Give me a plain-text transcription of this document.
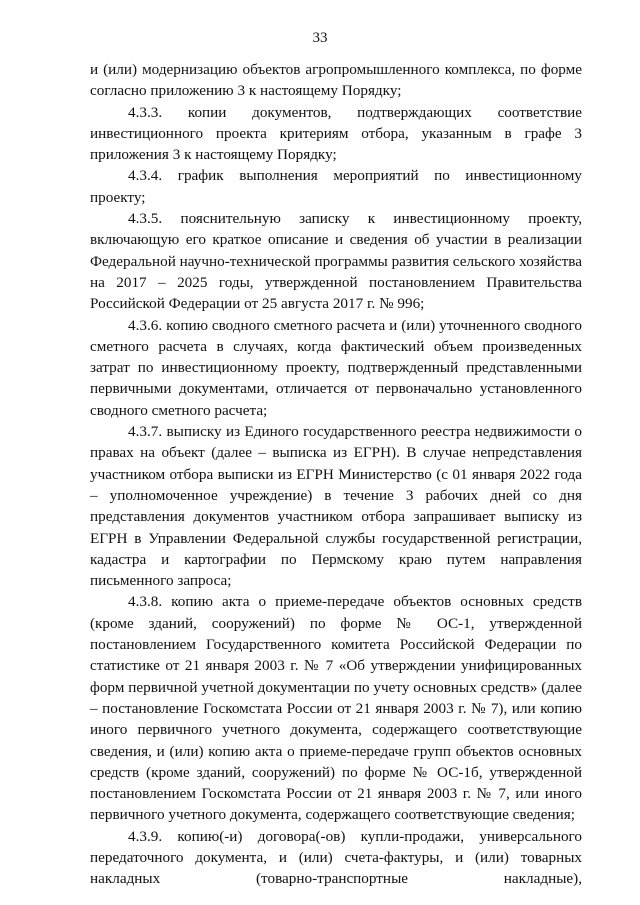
33

и (или) модернизацию объектов агропромышленного комплекса, по форме согласно приложению 3 к настоящему Порядку;

4.3.3. копии документов, подтверждающих соответствие инвестиционного проекта критериям отбора, указанным в графе 3 приложения 3 к настоящему Порядку;

4.3.4. график выполнения мероприятий по инвестиционному проекту;

4.3.5. пояснительную записку к инвестиционному проекту, включающую его краткое описание и сведения об участии в реализации Федеральной научно-технической программы развития сельского хозяйства на 2017 – 2025 годы, утвержденной постановлением Правительства Российской Федерации от 25 августа 2017 г. № 996;

4.3.6. копию сводного сметного расчета и (или) уточненного сводного сметного расчета в случаях, когда фактический объем произведенных затрат по инвестиционному проекту, подтвержденный представленными первичными документами, отличается от первоначально установленного сводного сметного расчета;

4.3.7. выписку из Единого государственного реестра недвижимости о правах на объект (далее – выписка из ЕГРН). В случае непредставления участником отбора выписки из ЕГРН Министерство (с 01 января 2022 года – уполномоченное учреждение) в течение 3 рабочих дней со дня представления документов участником отбора запрашивает выписку из ЕГРН в Управлении Федеральной службы государственной регистрации, кадастра и картографии по Пермскому краю путем направления письменного запроса;

4.3.8. копию акта о приеме-передаче объектов основных средств (кроме зданий, сооружений) по форме № ОС-1, утвержденной постановлением Государственного комитета Российской Федерации по статистике от 21 января 2003 г. № 7 «Об утверждении унифицированных форм первичной учетной документации по учету основных средств» (далее – постановление Госкомстата России от 21 января 2003 г. № 7), или копию иного первичного учетного документа, содержащего соответствующие сведения, и (или) копию акта о приеме-передаче групп объектов основных средств (кроме зданий, сооружений) по форме № ОС-1б, утвержденной постановлением Госкомстата России от 21 января 2003 г. № 7, или иного первичного учетного документа, содержащего соответствующие сведения;

4.3.9. копию(-и) договора(-ов) купли-продажи, универсального передаточного документа, и (или) счета-фактуры, и (или) товарных накладных (товарно-транспортные накладные),
